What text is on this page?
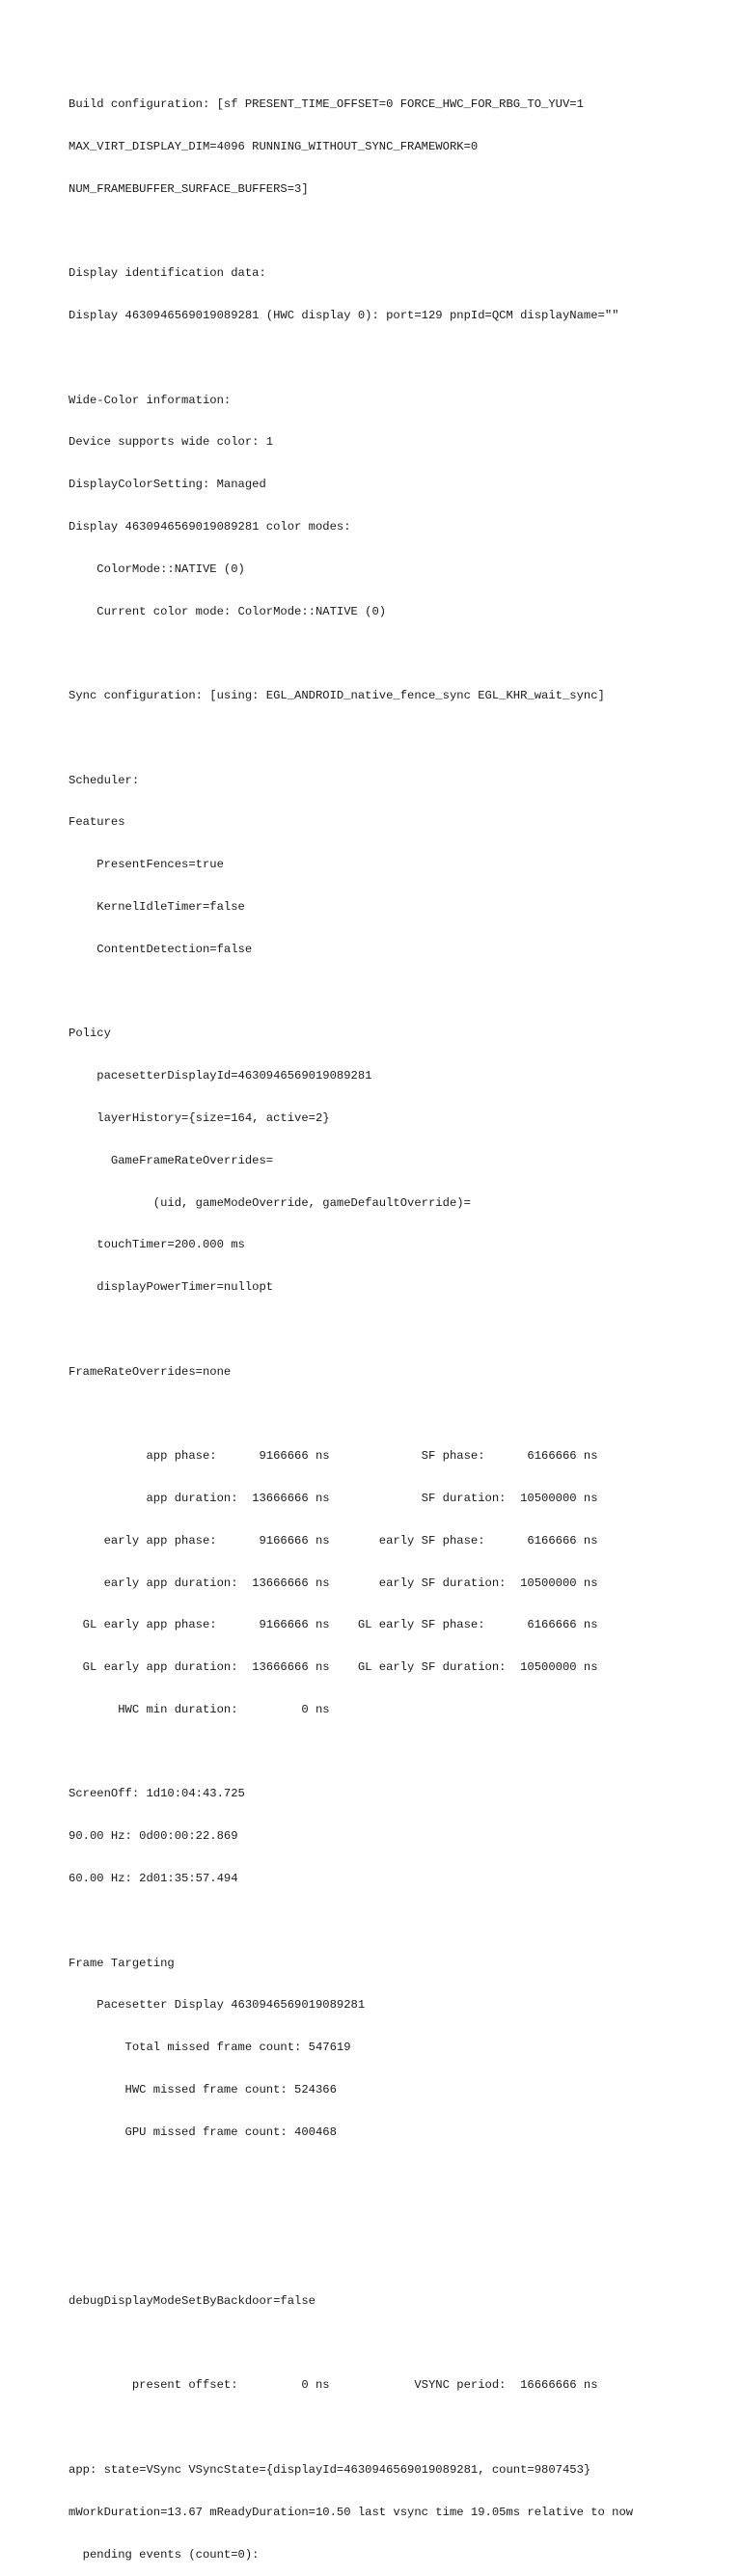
Build configuration: [sf PRESENT_TIME_OFFSET=0 FORCE_HWC_FOR_RBG_TO_YUV=1

MAX_VIRT_DISPLAY_DIM=4096 RUNNING_WITHOUT_SYNC_FRAMEWORK=0

NUM_FRAMEBUFFER_SURFACE_BUFFERS=3]

Display identification data:

Display 4630946569019089281 (HWC display 0): port=129 pnpId=QCM displayName=""

Wide-Color information:

Device supports wide color: 1

DisplayColorSetting: Managed

Display 4630946569019089281 color modes:

ColorMode::NATIVE (0)

Current color mode: ColorMode::NATIVE (0)

Sync configuration: [using: EGL_ANDROID_native_fence_sync EGL_KHR_wait_sync]

Scheduler:

Features

PresentFences=true

KernelIdleTimer=false

ContentDetection=false

Policy

pacesetterDisplayId=4630946569019089281

layerHistory={size=164, active=2}

GameFrameRateOverrides=

(uid, gameModeOverride, gameDefaultOverride)=

touchTimer=200.000 ms

displayPowerTimer=nullopt

FrameRateOverrides=none

app phase:      9166666 ns             SF phase:      6166666 ns

app duration:  13666666 ns             SF duration:  10500000 ns

early app phase:      9166666 ns       early SF phase:      6166666 ns

early app duration:  13666666 ns       early SF duration:  10500000 ns

GL early app phase:      9166666 ns    GL early SF phase:      6166666 ns

GL early app duration:  13666666 ns    GL early SF duration:  10500000 ns

HWC min duration:         0 ns

ScreenOff: 1d10:04:43.725

90.00 Hz: 0d00:00:22.869

60.00 Hz: 2d01:35:57.494

Frame Targeting

Pacesetter Display 4630946569019089281

Total missed frame count: 547619

HWC missed frame count: 524366

GPU missed frame count: 400468

debugDisplayModeSetByBackdoor=false

present offset:         0 ns            VSYNC period:  16666666 ns

app: state=VSync VSyncState={displayId=4630946569019089281, count=9807453}

mWorkDuration=13.67 mReadyDuration=10.50 last vsync time 19.05ms relative to now

pending events (count=0):
